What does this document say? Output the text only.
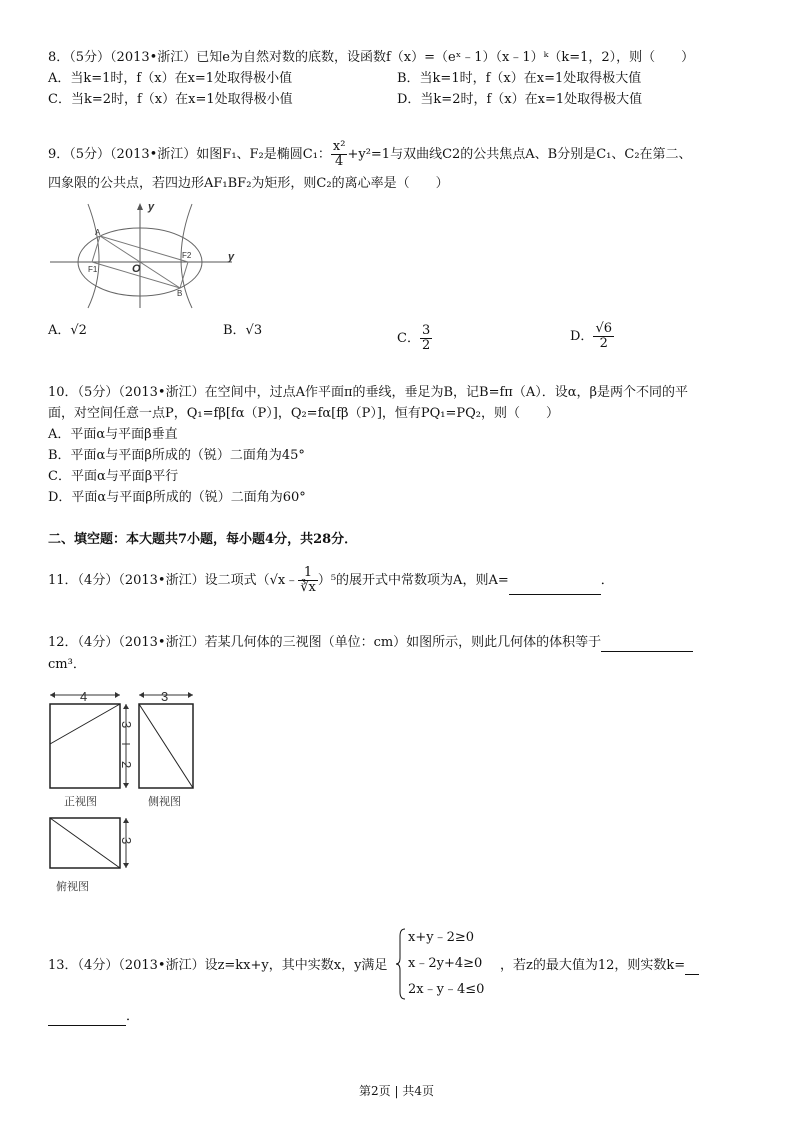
8．（5分）（2013•浙江）已知e为自然对数的底数，设函数f（x）=（eˣ﹣1）（x﹣1）ᵏ（k=1，2），则（　　）
A．当k=1时，f（x）在x=1处取得极小值	B．当k=1时，f（x）在x=1处取得极大值
C．当k=2时，f（x）在x=1处取得极小值	D．当k=2时，f（x）在x=1处取得极大值
9．（5分）（2013•浙江）如图F₁、F₂是椭圆C₁： $\frac{\text{x²}}{4} +y^2=1$与双曲线C2的公共焦点A、B分别是C₁、C₂在第二、
四象限的公共点，若四边形AF₁BF₂为矩形，则C₂的离心率是（　　）
y
y
O
A
B
F1
F2
A．√2	B．√3
C． $\frac{3}{2}$	D． $\frac{√6}{2}$
10．（5分）（2013•浙江）在空间中，过点A作平面π的垂线，垂足为B，记B=fπ（A）．设α，β是两个不同的平
面，对空间任意一点P，Q₁=fβ[fα（P）]，Q₂=fα[fβ（P）]，恒有PQ₁=PQ₂，则（　　）
A．平面α与平面β垂直
B．平面α与平面β所成的（锐）二面角为45°
C．平面α与平面β平行
D．平面α与平面β所成的（锐）二面角为60°
二、填空题：本大题共7小题，每小题4分，共28分．
11．（4分）（2013•浙江）设二项式（√x﹣ $\frac{1}{∛x} )^5$的展开式中常数项为A，则A=	．
12．（4分）（2013•浙江）若某几何体的三视图（单位：cm）如图所示，则此几何体的体积等于
cm³．
4
3
2
正视图
3
侧视图
3
俯视图
13．（4分）（2013•浙江）设z=kx+y，其中实数x，y满足
x+y﹣2≥0
x﹣2y+4≥0
2x﹣y﹣4≤0
，若z的最大值为12，则实数k=
．
第2页 | 共4页
